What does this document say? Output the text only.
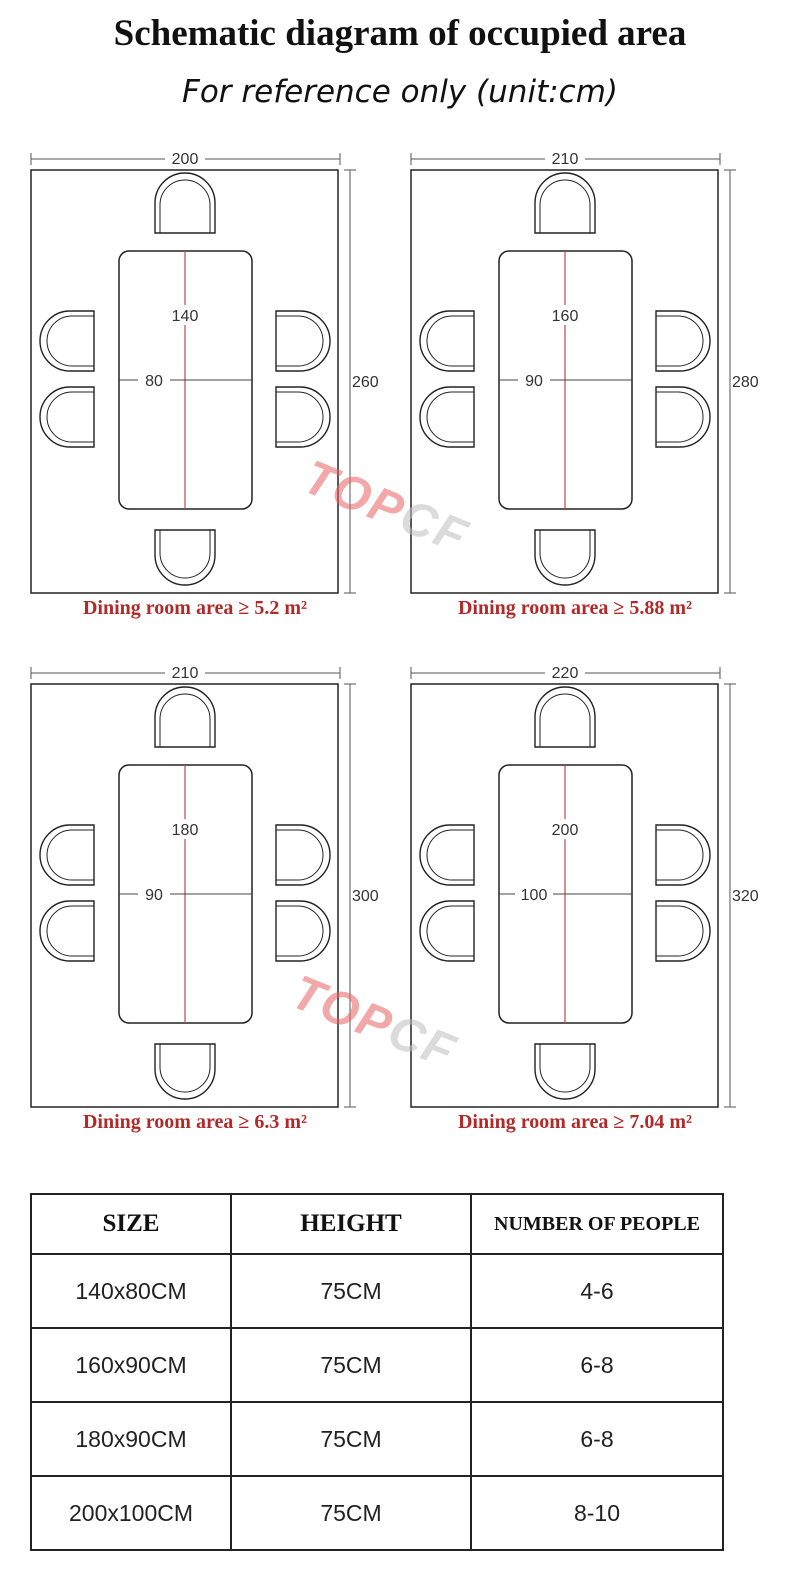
Schematic diagram of occupied area
For reference only (unit:cm)
200
260
140
80
Dining room area ≥ 5.2 m²
210
280
160
90
Dining room area ≥ 5.88 m²
210
300
180
90
Dining room area ≥ 6.3 m²
220
320
200
100
Dining room area ≥ 7.04 m²
TOPCF
TOPCF
SIZE	HEIGHT	NUMBER OF PEOPLE
140x80CM	75CM	4-6
160x90CM	75CM	6-8
180x90CM	75CM	6-8
200x100CM	75CM	8-10
